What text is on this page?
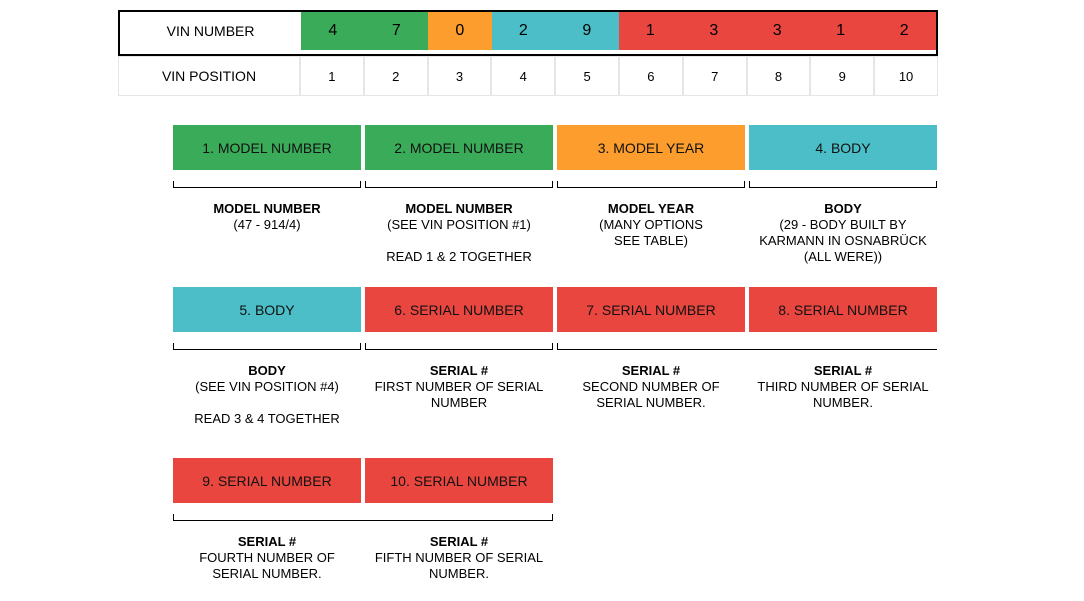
VIN NUMBER	4	7	0	2	9	1	3	3	1	2
VIN POSITION	1	2	3	4	5	6	7	8	9	10
1. MODEL NUMBER	2. MODEL NUMBER	3. MODEL YEAR	4. BODY
MODEL NUMBER
(47 - 914/4)
MODEL NUMBER
(SEE VIN POSITION #1)
READ 1 & 2 TOGETHER
MODEL YEAR
(MANY OPTIONS
SEE TABLE)
BODY
(29 - BODY BUILT BY
KARMANN IN OSNABRÜCK
(ALL WERE))
5. BODY	6. SERIAL NUMBER	7. SERIAL NUMBER	8. SERIAL NUMBER
BODY
(SEE VIN POSITION #4)
READ 3 & 4 TOGETHER
SERIAL #
FIRST NUMBER OF SERIAL
NUMBER
SERIAL #
SECOND NUMBER OF
SERIAL NUMBER.
SERIAL #
THIRD NUMBER OF SERIAL
NUMBER.
9. SERIAL NUMBER	10. SERIAL NUMBER
SERIAL #
FOURTH NUMBER OF
SERIAL NUMBER.
SERIAL #
FIFTH NUMBER OF SERIAL
NUMBER.
